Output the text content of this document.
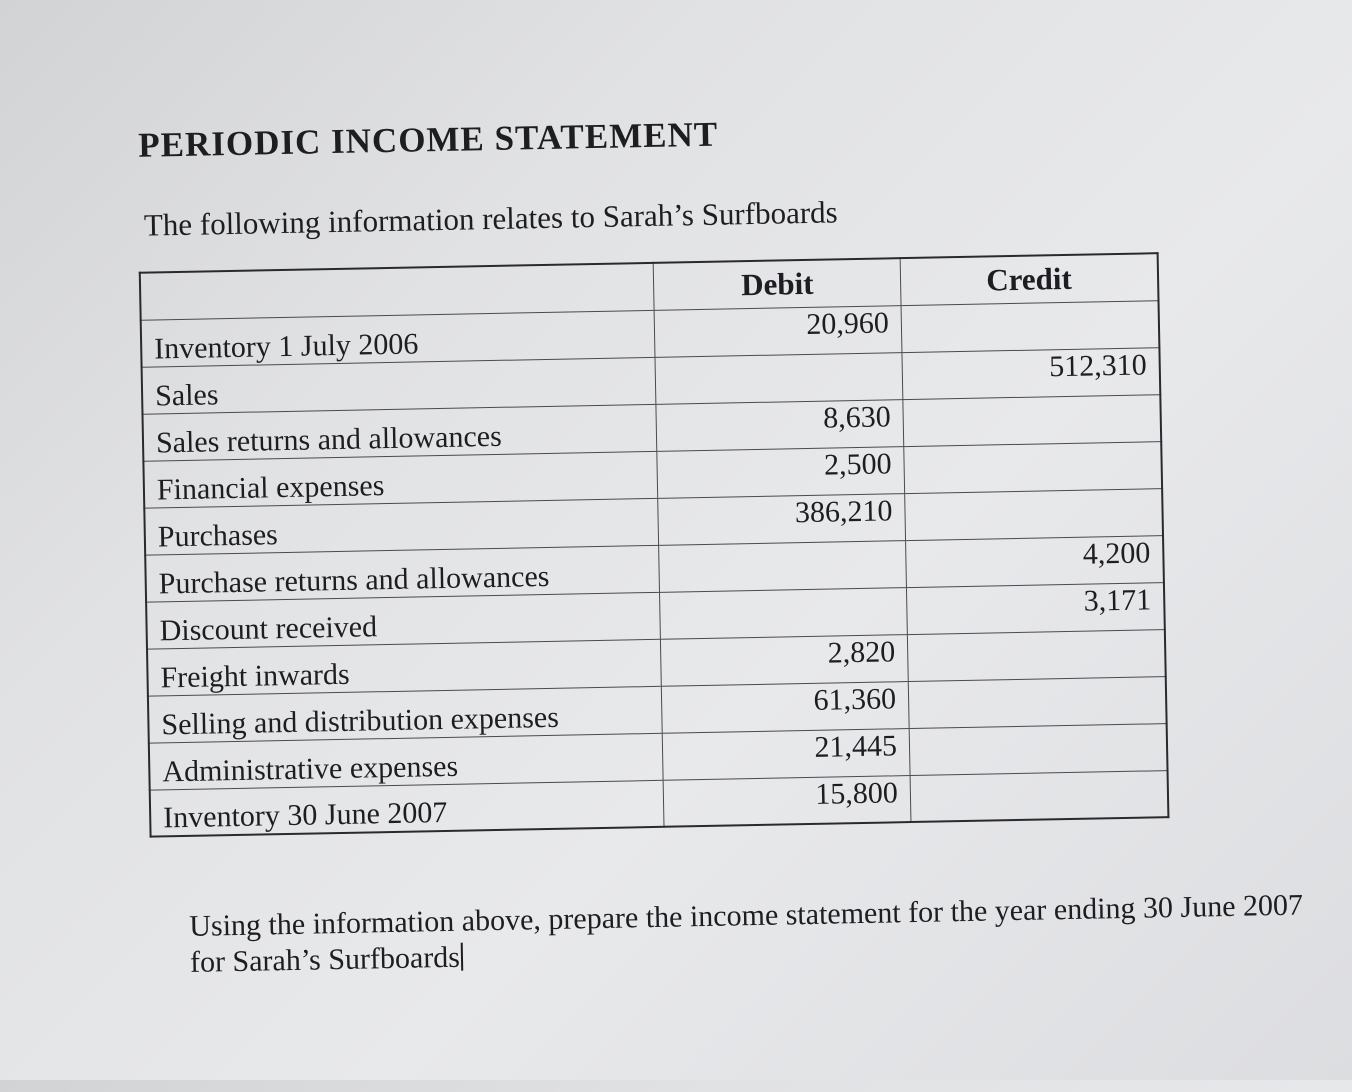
PERIODIC INCOME STATEMENT

The following information relates to Sarah’s Surfboards

	Debit	Credit
Inventory 1 July 2006	20,960	
Sales		512,310
Sales returns and allowances	8,630	
Financial expenses	2,500	
Purchases	386,210	
Purchase returns and allowances		4,200
Discount received		3,171
Freight inwards	2,820	
Selling and distribution expenses	61,360	
Administrative expenses	21,445	
Inventory 30 June 2007	15,800	

Using the information above, prepare the income statement for the year ending 30 June 2007 for Sarah’s Surfboards
